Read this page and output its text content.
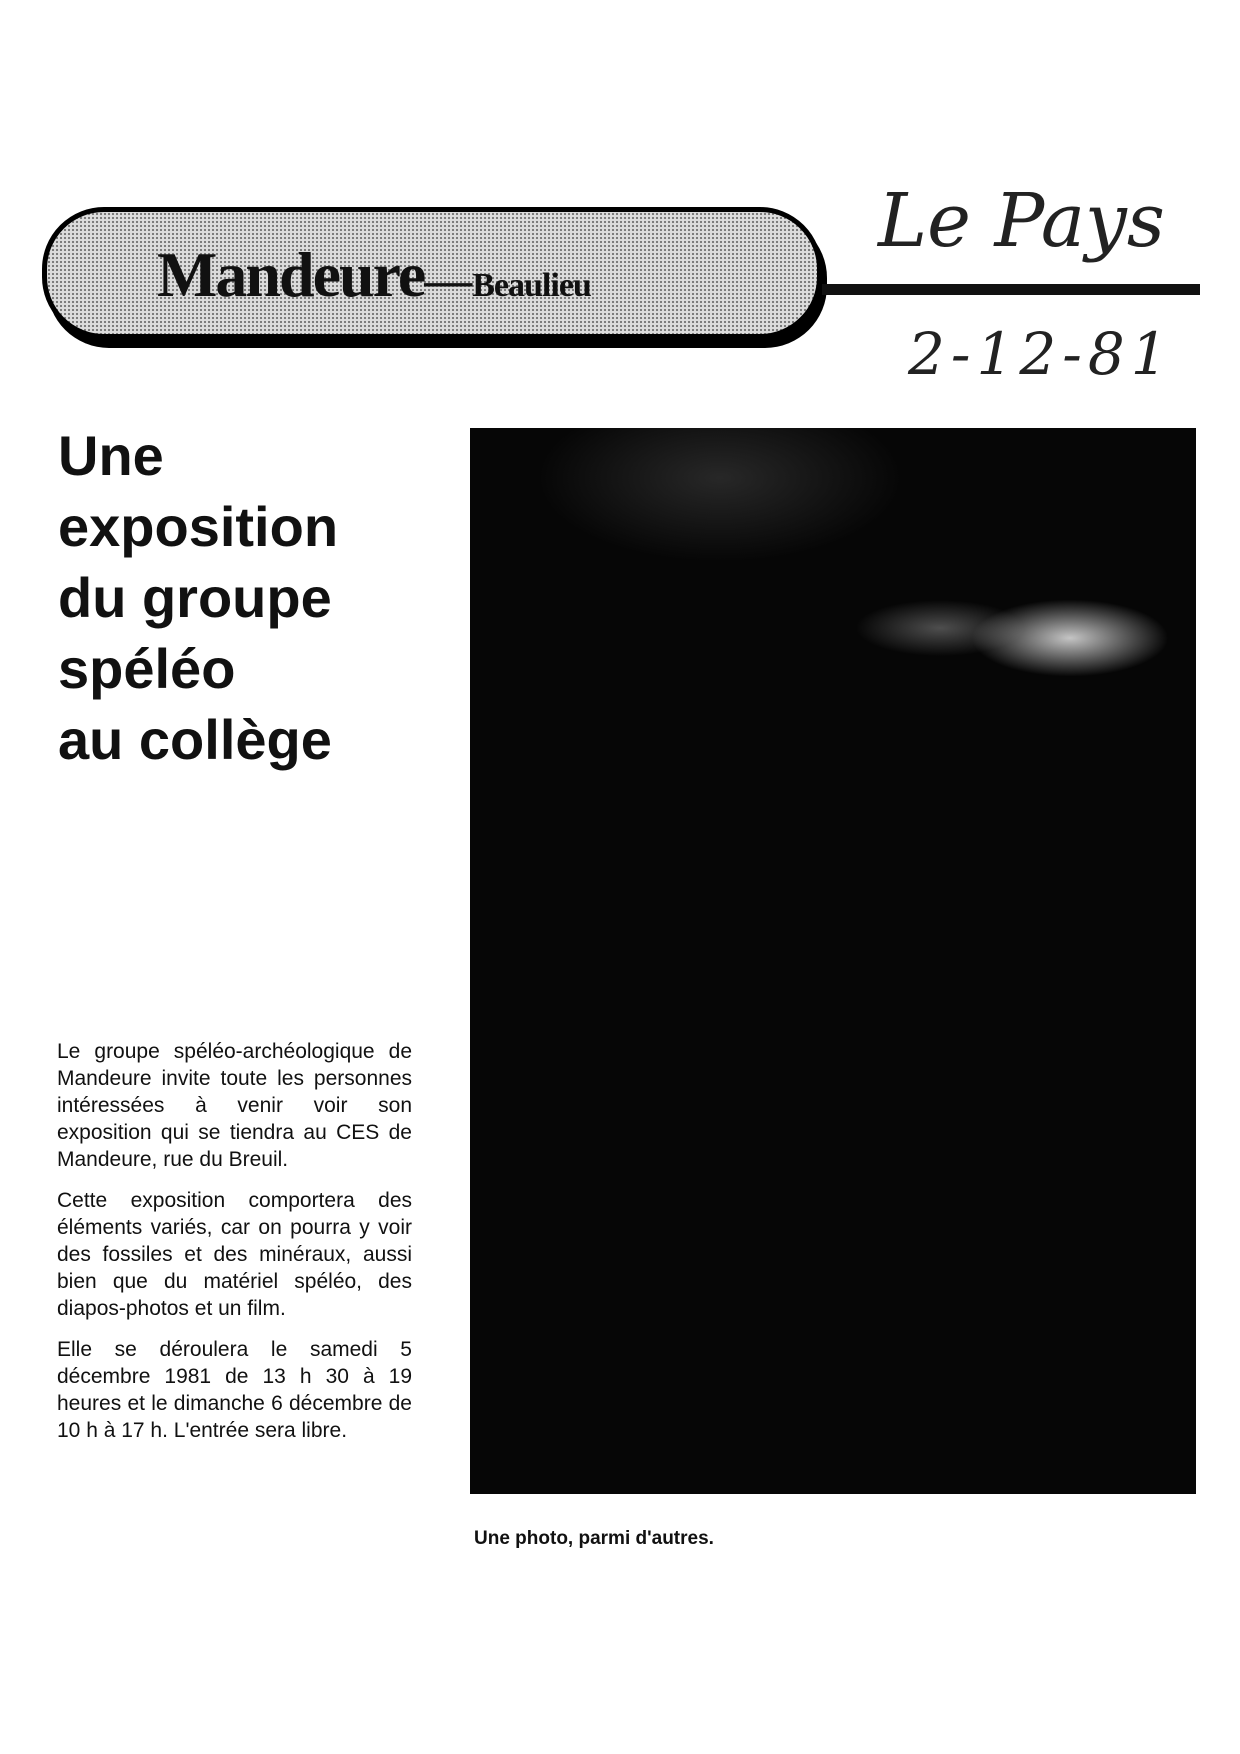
Mandeure—Beaulieu
Le Pays
2-12-81
Une
exposition
du groupe
spéléo
au collège

Une photo, parmi d'autres.

Le groupe spéléo-archéologique de Mandeure invite toute les personnes intéressées à venir voir son exposition qui se tiendra au CES de Mandeure, rue du Breuil.

Cette exposition comportera des éléments variés, car on pourra y voir des fossiles et des minéraux, aussi bien que du matériel spéléo, des diapos-photos et un film.

Elle se déroulera le samedi 5 décembre 1981 de 13 h 30 à 19 heures et le dimanche 6 décembre de 10 h à 17 h. L'entrée sera libre.
